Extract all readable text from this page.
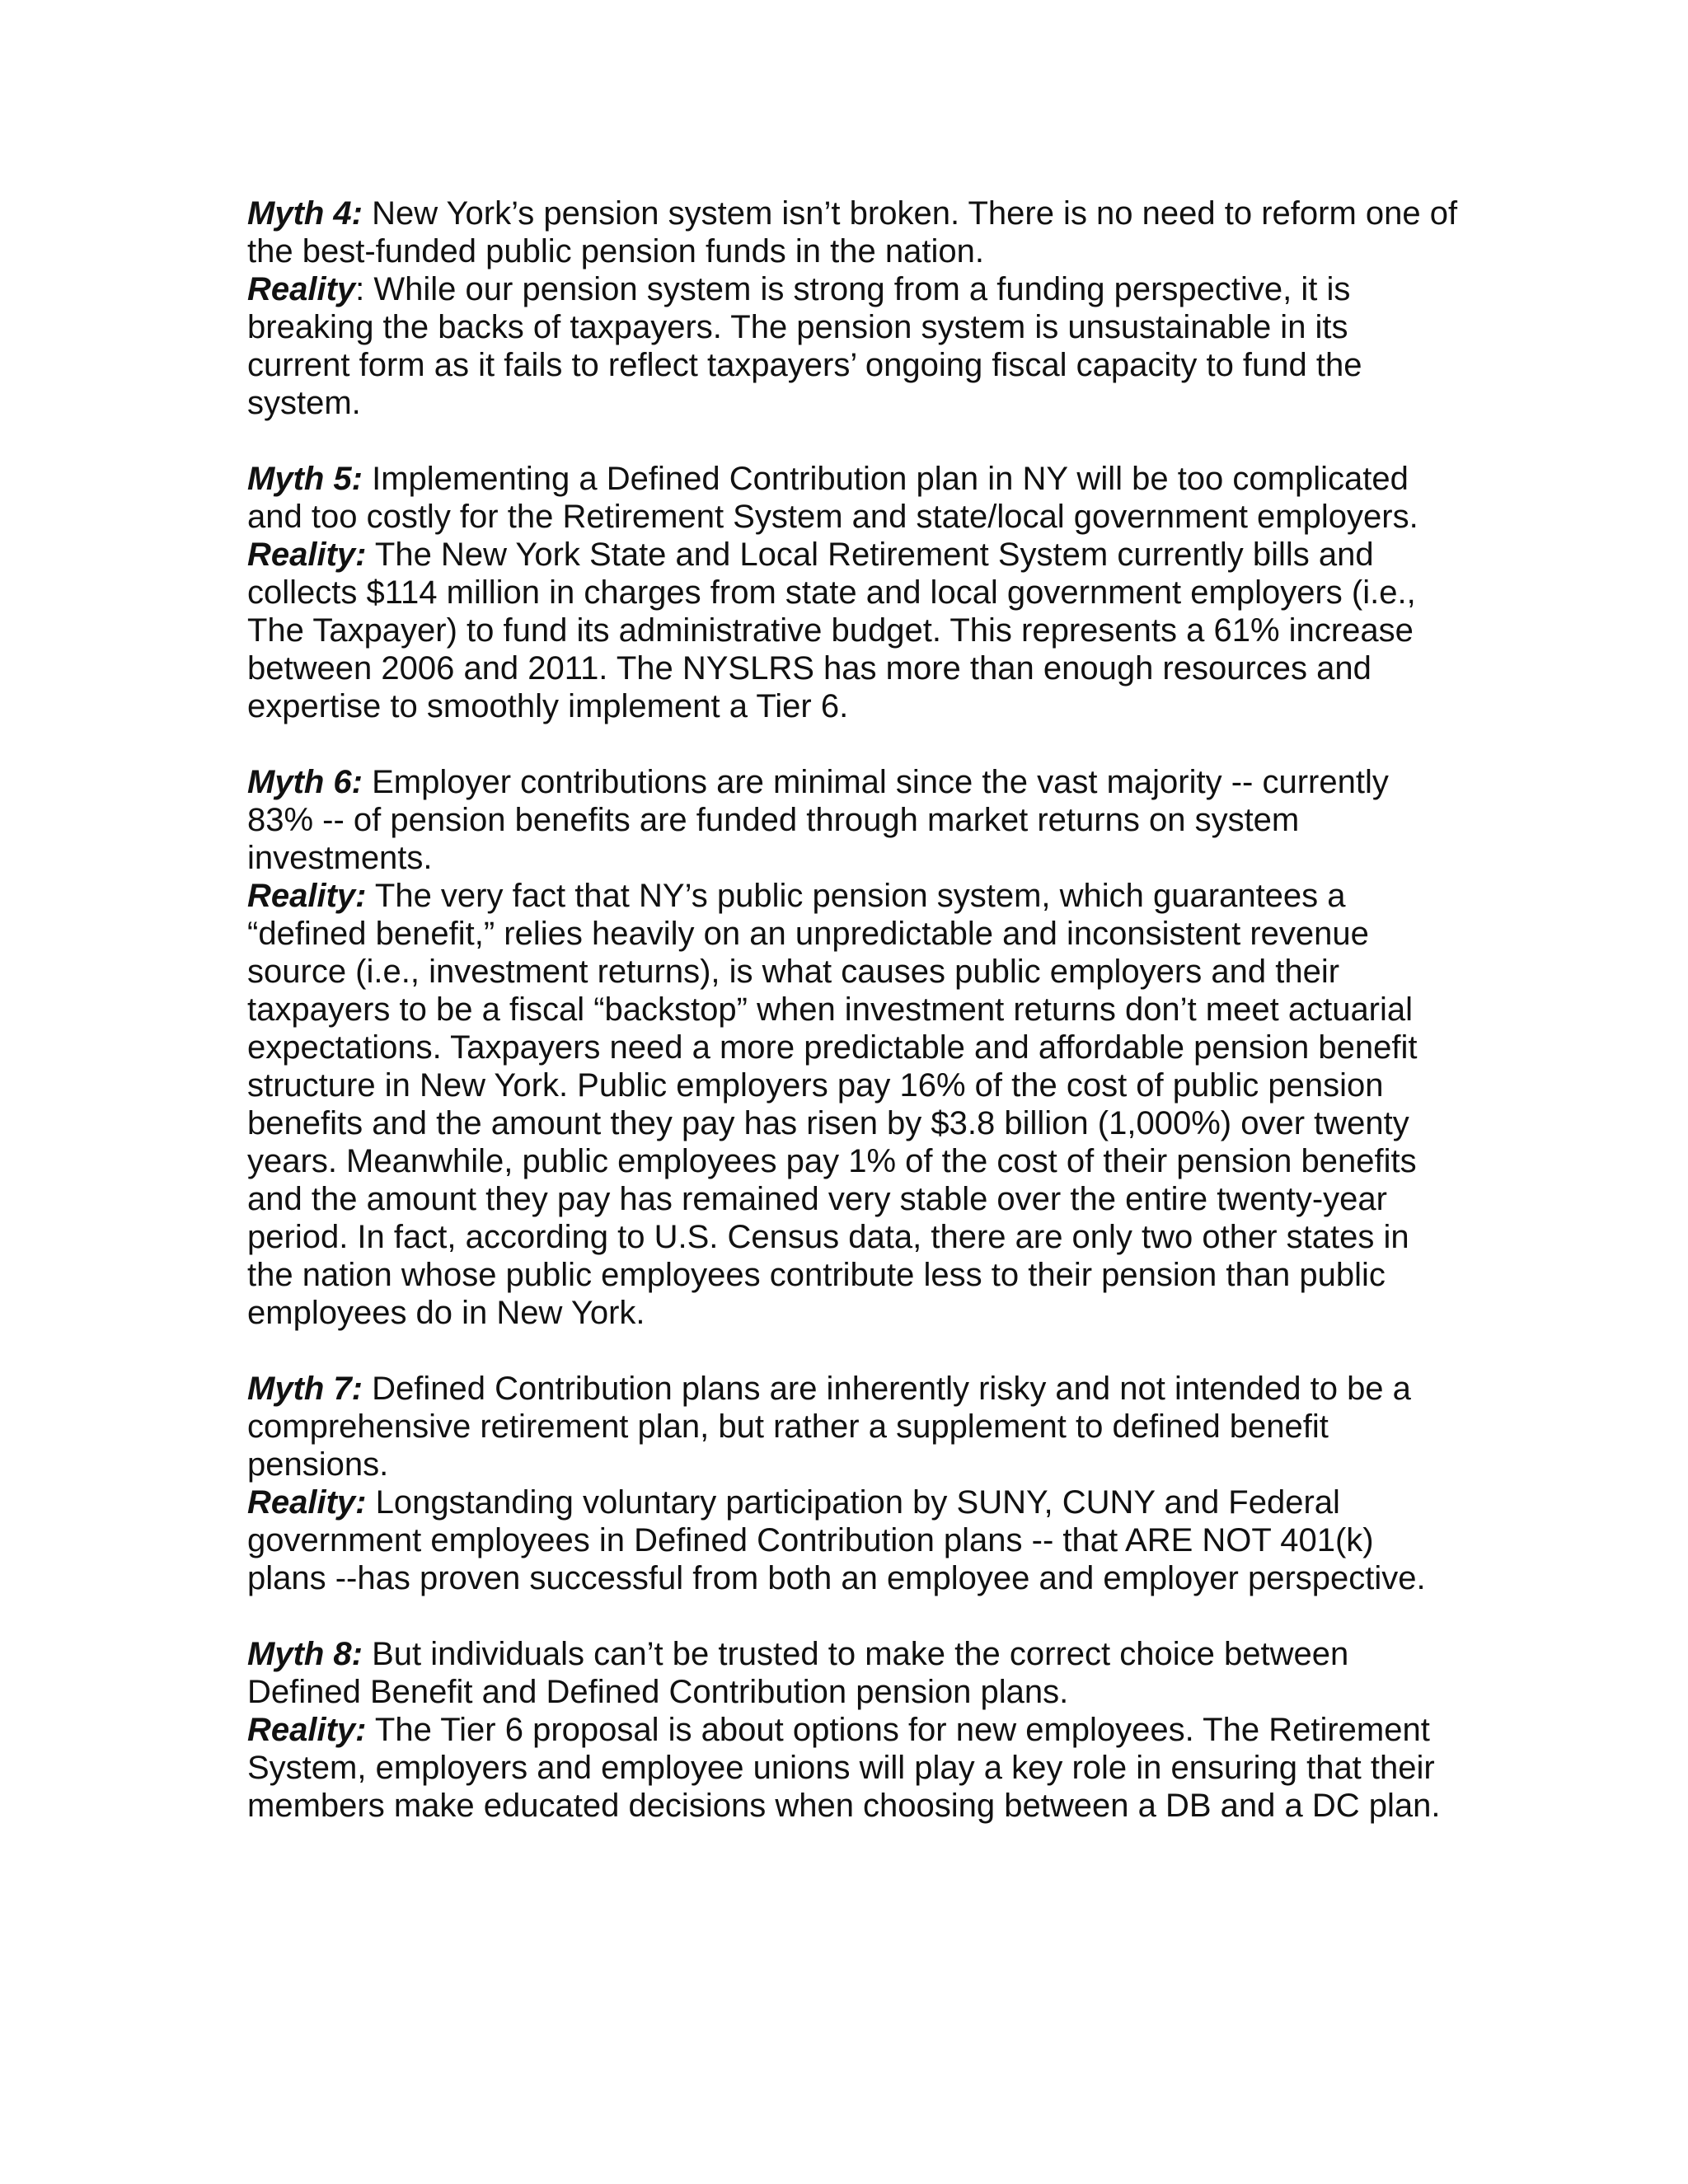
Myth 4: New York’s pension system isn’t broken. There is no need to reform one of the best-funded public pension funds in the nation.

Reality: While our pension system is strong from a funding perspective, it is breaking the backs of taxpayers. The pension system is unsustainable in its current form as it fails to reflect taxpayers’ ongoing fiscal capacity to fund the system.

Myth 5: Implementing a Defined Contribution plan in NY will be too complicated and too costly for the Retirement System and state/local government employers.

Reality: The New York State and Local Retirement System currently bills and collects $114 million in charges from state and local government employers (i.e., The Taxpayer) to fund its administrative budget. This represents a 61% increase between 2006 and 2011. The NYSLRS has more than enough resources and expertise to smoothly implement a Tier 6.

Myth 6: Employer contributions are minimal since the vast majority -- currently 83% -- of pension benefits are funded through market returns on system investments.

Reality: The very fact that NY’s public pension system, which guarantees a “defined benefit,” relies heavily on an unpredictable and inconsistent revenue source (i.e., investment returns), is what causes public employers and their taxpayers to be a fiscal “backstop” when investment returns don’t meet actuarial expectations. Taxpayers need a more predictable and affordable pension benefit structure in New York. Public employers pay 16% of the cost of public pension benefits and the amount they pay has risen by $3.8 billion (1,000%) over twenty years. Meanwhile, public employees pay 1% of the cost of their pension benefits and the amount they pay has remained very stable over the entire twenty-year period. In fact, according to U.S. Census data, there are only two other states in the nation whose public employees contribute less to their pension than public employees do in New York.

Myth 7: Defined Contribution plans are inherently risky and not intended to be a comprehensive retirement plan, but rather a supplement to defined benefit pensions.

Reality: Longstanding voluntary participation by SUNY, CUNY and Federal government employees in Defined Contribution plans -- that ARE NOT 401(k) plans --has proven successful from both an employee and employer perspective.

Myth 8: But individuals can’t be trusted to make the correct choice between Defined Benefit and Defined Contribution pension plans.

Reality: The Tier 6 proposal is about options for new employees. The Retirement System, employers and employee unions will play a key role in ensuring that their members make educated decisions when choosing between a DB and a DC plan.
